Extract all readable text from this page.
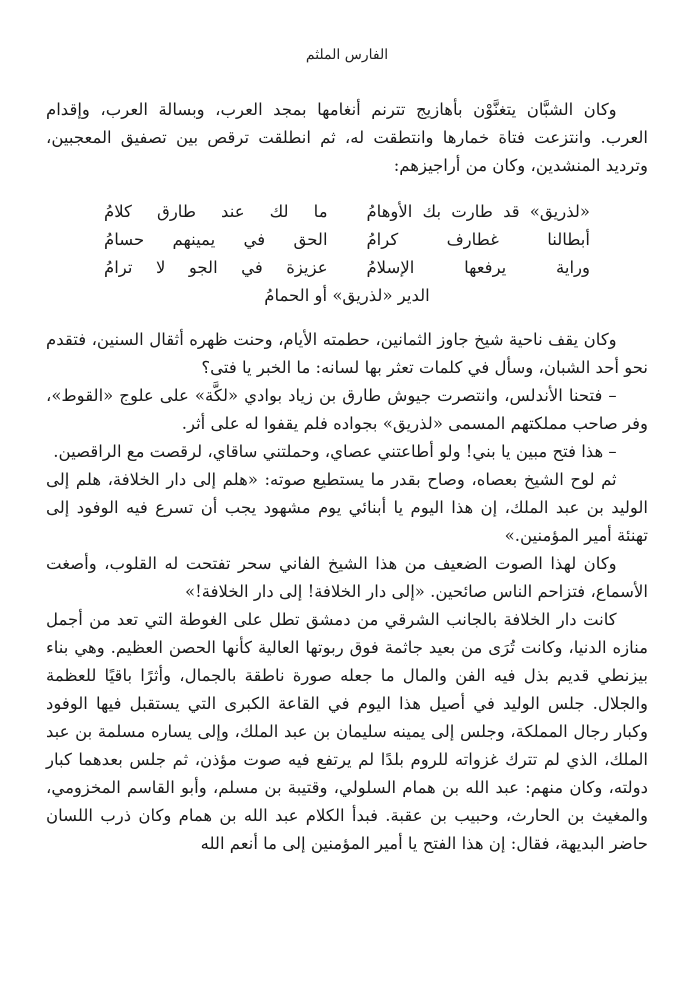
الفارس الملثم

وكان الشبَّان يتغنَّوْن بأهازيج تترنم أنغامها بمجد العرب، وبسالة العرب، وإقدام العرب. وانتزعت فتاة خمارها وانتطقت له، ثم انطلقت ترقص بين تصفيق المعجبين، وترديد المنشدين، وكان من أراجيزهم:

«لذريق» قد طارت بك الأوهامُ
ما لك عند طارق كلامُ
أبطالنا غطارف كرامُ
الحق في يمينهم حسامُ
وراية يرفعها الإسلامُ
عزيزة في الجو لا ترامُ
الدير «لذريق» أو الحمامُ

وكان يقف ناحية شيخ جاوز الثمانين، حطمته الأيام، وحنت ظهره أثقال السنين، فتقدم نحو أحد الشبان، وسأل في كلمات تعثر بها لسانه: ما الخبر يا فتى؟

– فتحنا الأندلس، وانتصرت جيوش طارق بن زياد بوادي «لكَّة» على علوج «القوط»، وفر صاحب مملكتهم المسمى «لذريق» بجواده فلم يقفوا له على أثر.

– هذا فتح مبين يا بني! ولو أطاعتني عصاي، وحملتني ساقاي، لرقصت مع الراقصين.

ثم لوح الشيخ بعصاه، وصاح بقدر ما يستطيع صوته: «هلم إلى دار الخلافة، هلم إلى الوليد بن عبد الملك، إن هذا اليوم يا أبنائي يوم مشهود يجب أن تسرع فيه الوفود إلى تهنئة أمير المؤمنين.»

وكان لهذا الصوت الضعيف من هذا الشيخ الفاني سحر تفتحت له القلوب، وأصغت الأسماع، فتزاحم الناس صائحين. «إلى دار الخلافة! إلى دار الخلافة!»

كانت دار الخلافة بالجانب الشرقي من دمشق تطل على الغوطة التي تعد من أجمل منازه الدنيا، وكانت تُرَى من بعيد جاثمة فوق ربوتها العالية كأنها الحصن العظيم. وهي بناء بيزنطي قديم بذل فيه الفن والمال ما جعله صورة ناطقة بالجمال، وأثرًا باقيًا للعظمة والجلال. جلس الوليد في أصيل هذا اليوم في القاعة الكبرى التي يستقبل فيها الوفود وكبار رجال المملكة، وجلس إلى يمينه سليمان بن عبد الملك، وإلى يساره مسلمة بن عبد الملك، الذي لم تترك غزواته للروم بلدًا لم يرتفع فيه صوت مؤذن، ثم جلس بعدهما كبار دولته، وكان منهم: عبد الله بن همام السلولي، وقتيبة بن مسلم، وأبو القاسم المخزومي، والمغيث بن الحارث، وحبيب بن عقبة. فبدأ الكلام عبد الله بن همام وكان ذرب اللسان حاضر البديهة، فقال: إن هذا الفتح يا أمير المؤمنين إلى ما أنعم الله
